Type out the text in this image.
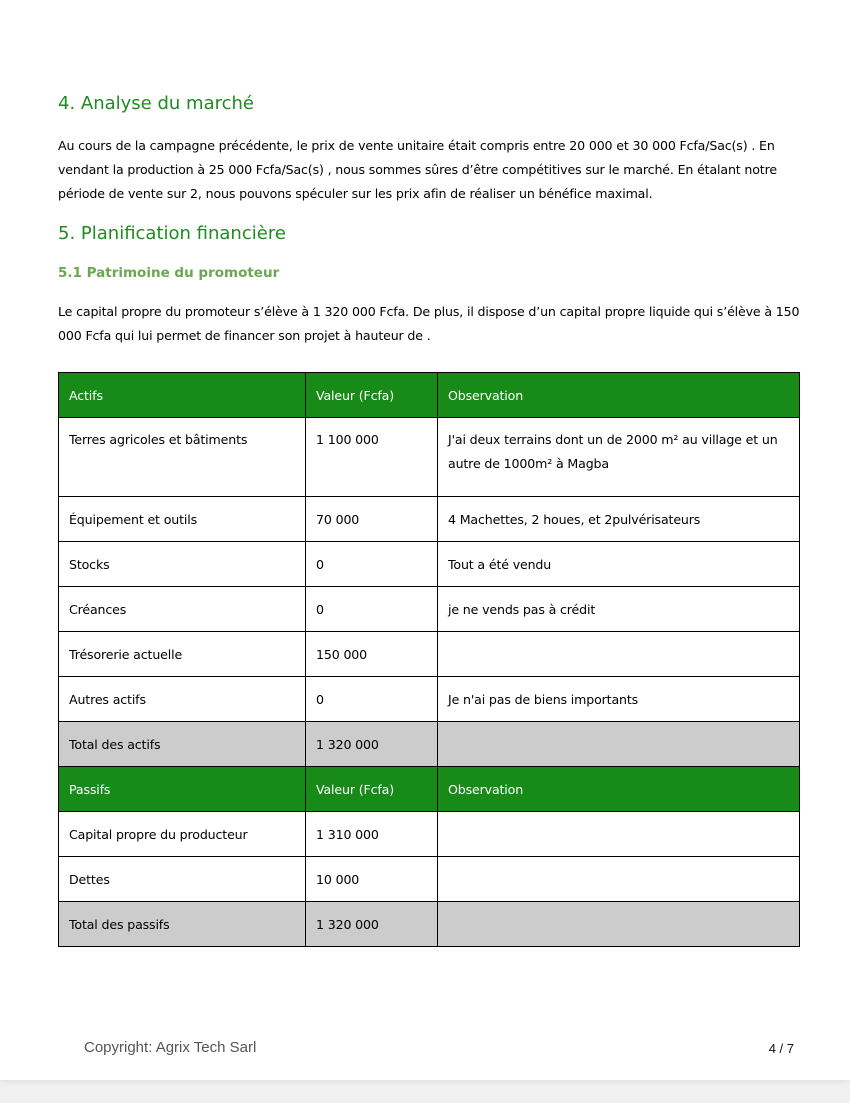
4. Analyse du marché

Au cours de la campagne précédente, le prix de vente unitaire était compris entre 20 000 et 30 000 Fcfa/Sac(s) . En vendant la production à 25 000 Fcfa/Sac(s) , nous sommes sûres d’être compétitives sur le marché. En étalant notre période de vente sur 2, nous pouvons spéculer sur les prix afin de réaliser un bénéfice maximal.

5. Planification financière
5.1 Patrimoine du promoteur

Le capital propre du promoteur s’élève à 1 320 000 Fcfa. De plus, il dispose d’un capital propre liquide qui s’élève à 150 000 Fcfa qui lui permet de financer son projet à hauteur de .

Actifs	Valeur (Fcfa)	Observation
Terres agricoles et bâtiments	1 100 000	J'ai deux terrains dont un de 2000 m² au village et un autre de 1000m² à Magba
Équipement et outils	70 000	4 Machettes, 2 houes, et 2pulvérisateurs
Stocks	0	Tout a été vendu
Créances	0	je ne vends pas à crédit
Trésorerie actuelle	150 000	
Autres actifs	0	Je n'ai pas de biens importants
Total des actifs	1 320 000	
Passifs	Valeur (Fcfa)	Observation
Capital propre du producteur	1 310 000	
Dettes	10 000	
Total des passifs	1 320 000	
Copyright: Agrix Tech Sarl	4 / 7
